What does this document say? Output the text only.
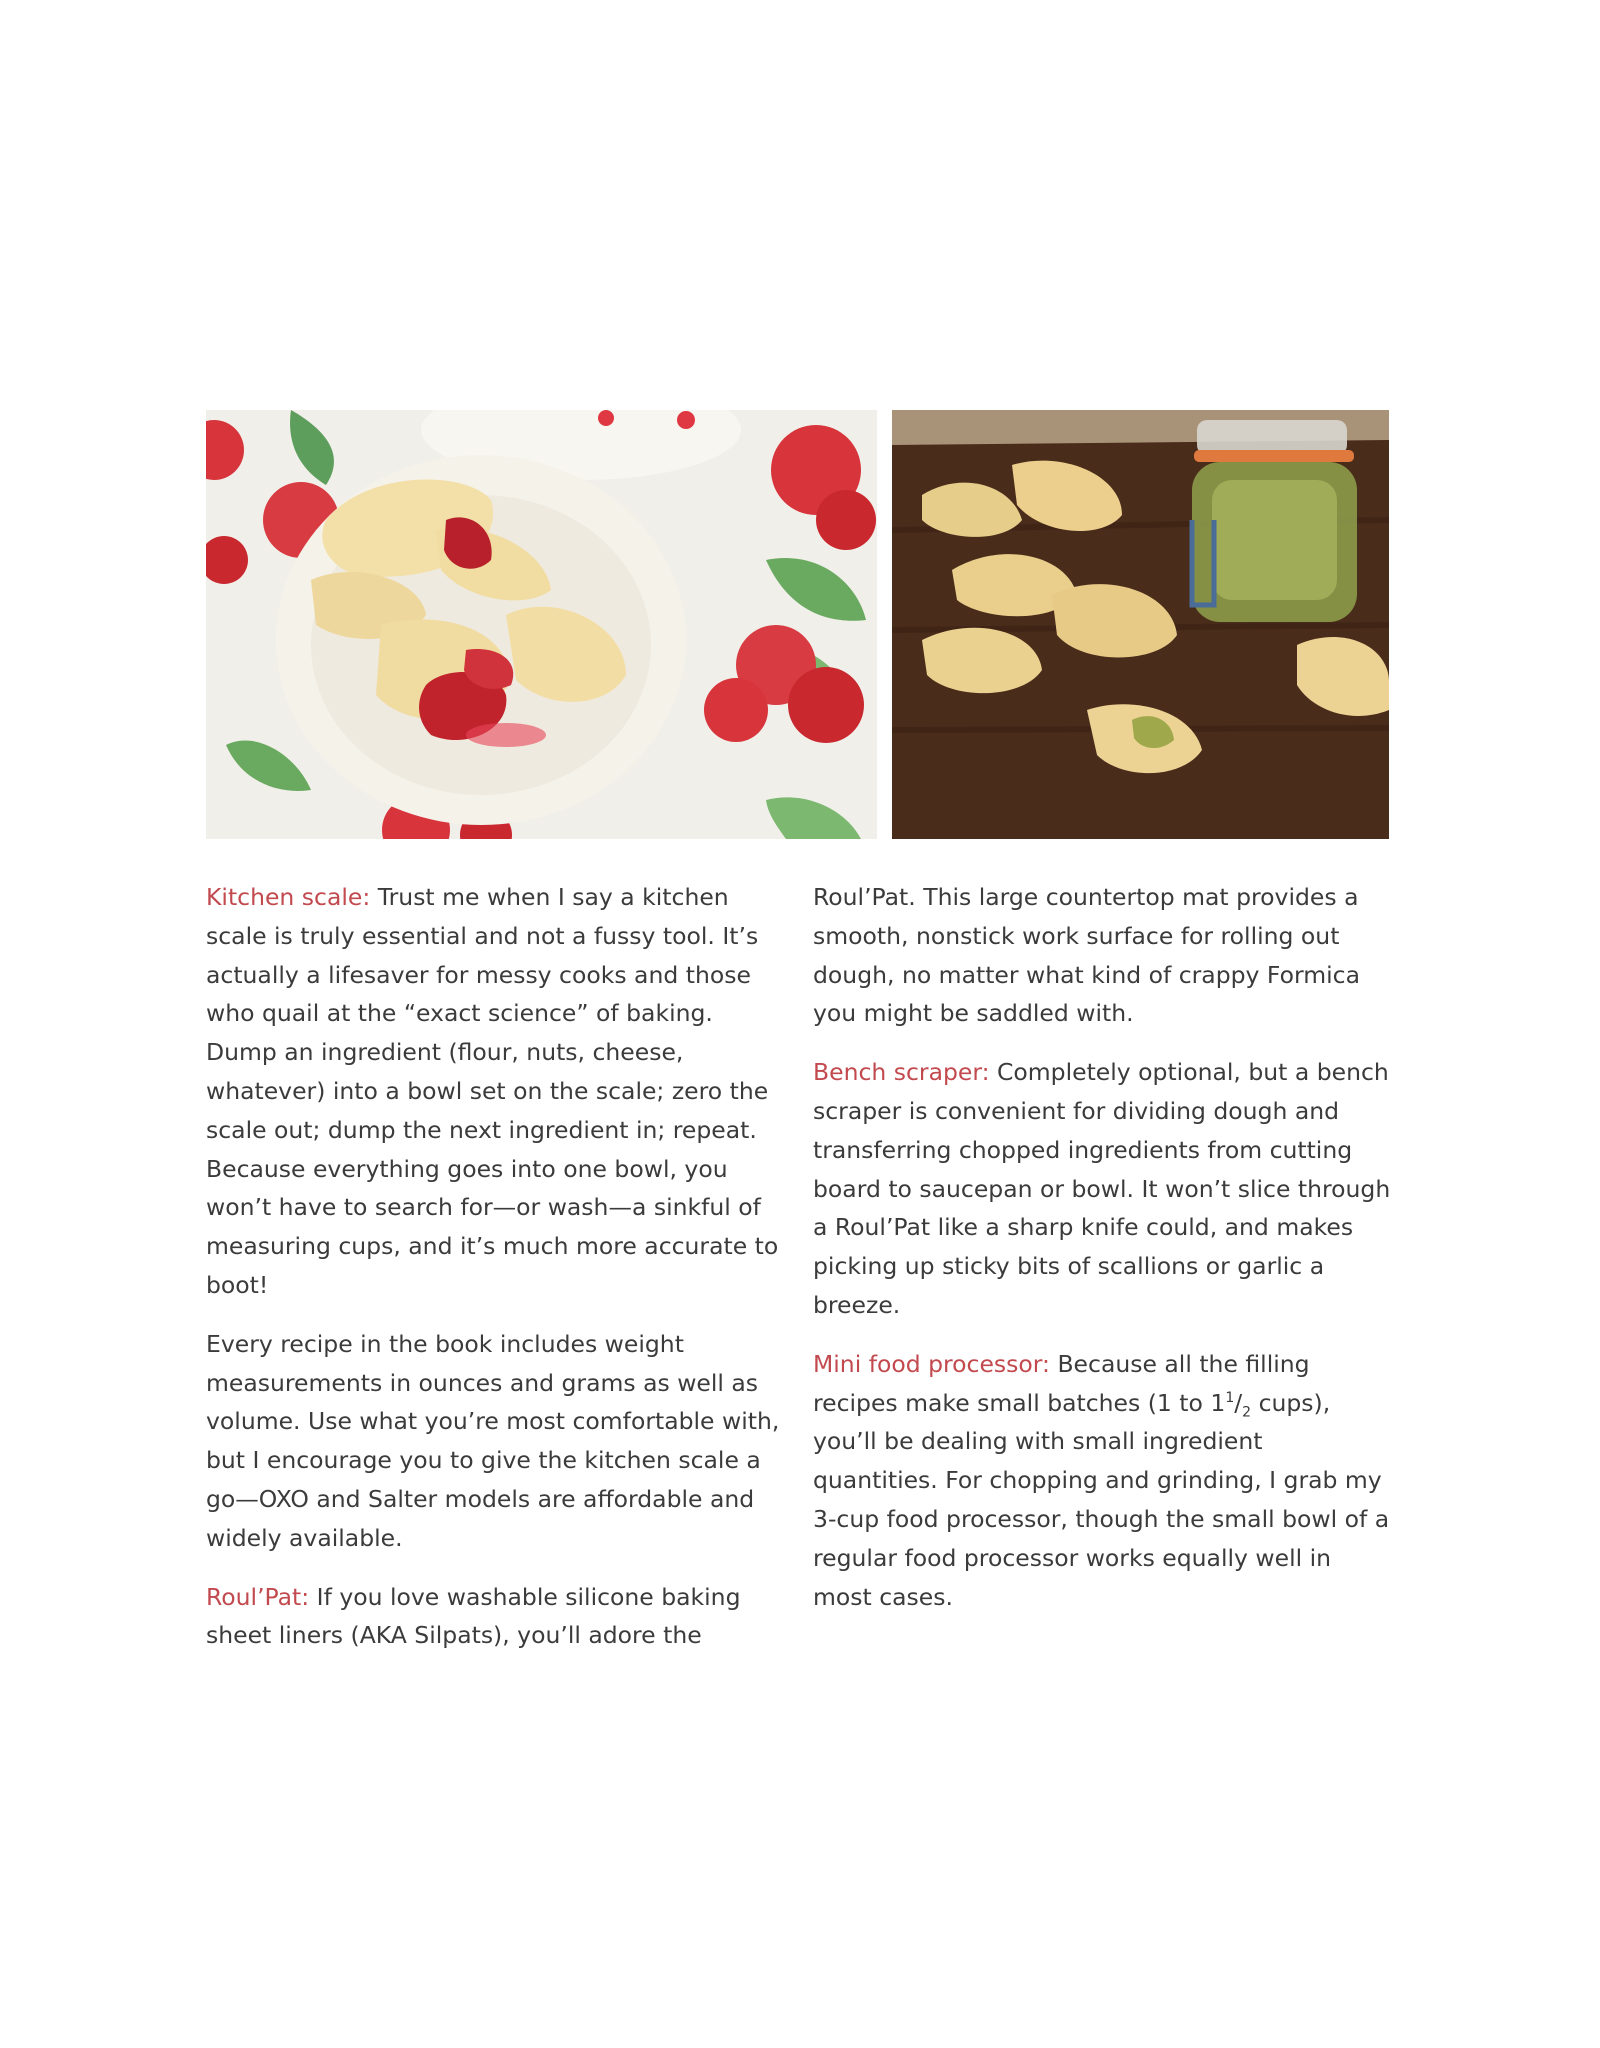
Kitchen scale: Trust me when I say a kitchen scale is truly essential and not a fussy tool. It’s actually a lifesaver for messy cooks and those who quail at the “exact science” of baking. Dump an ingredient (flour, nuts, cheese, whatever) into a bowl set on the scale; zero the scale out; dump the next ingredient in; repeat. Because everything goes into one bowl, you won’t have to search for—or wash—a sinkful of measuring cups, and it’s much more accurate to boot!

Every recipe in the book includes weight measurements in ounces and grams as well as volume. Use what you’re most comfortable with, but I encourage you to give the kitchen scale a go—OXO and Salter models are affordable and widely available.

Roul’Pat: If you love washable silicone baking sheet liners (AKA Silpats), you’ll adore the

Roul’Pat. This large countertop mat provides a smooth, nonstick work surface for rolling out dough, no matter what kind of crappy Formica you might be saddled with.

Bench scraper: Completely optional, but a bench scraper is convenient for dividing dough and transferring chopped ingredients from cutting board to saucepan or bowl. It won’t slice through a Roul’Pat like a sharp knife could, and makes picking up sticky bits of scallions or garlic a breeze.

Mini food processor: Because all the filling recipes make small batches (1 to $1^1/_2$ cups), you’ll be dealing with small ingredient quantities. For chopping and grinding, I grab my 3-cup food processor, though the small bowl of a regular food processor works equally well in most cases.
